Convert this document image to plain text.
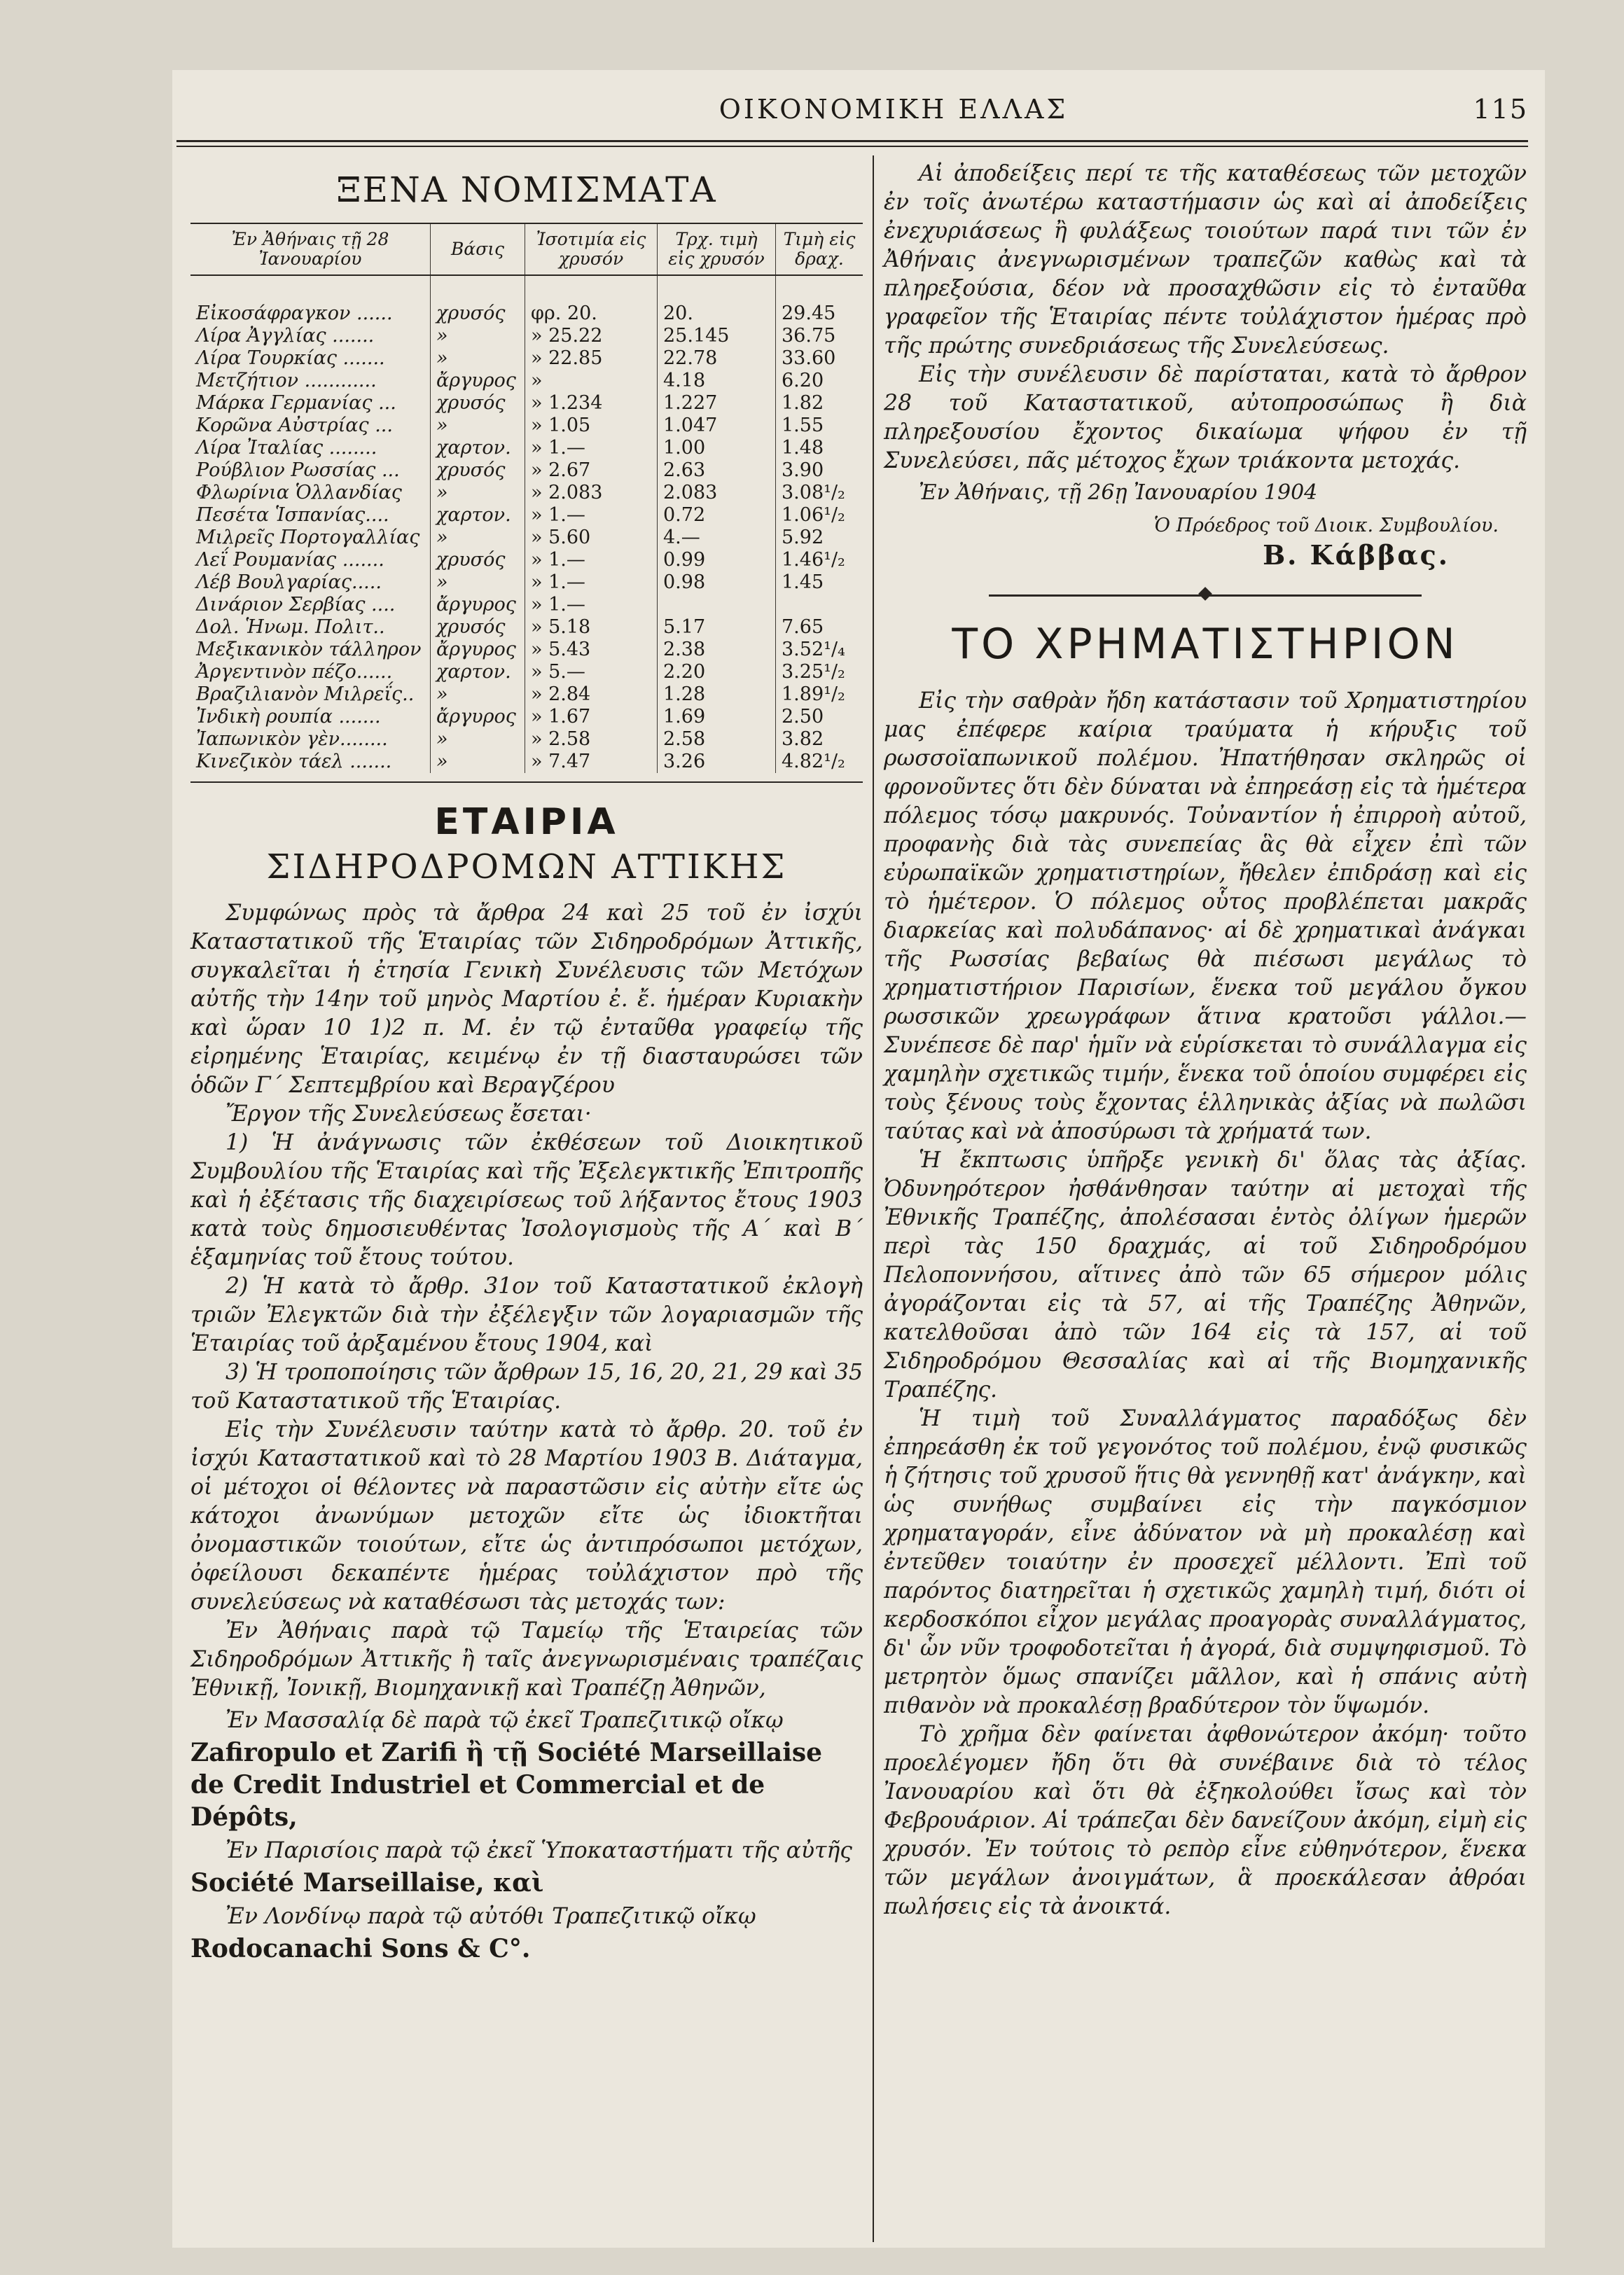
ΟΙΚΟΝΟΜΙΚΗ ΕΛΛΑΣ	115
ΞΕΝΑ ΝΟΜΙΣΜΑΤΑ
Ἐν Ἀθήναις τῇ 28 Ἰανουαρίου	Βάσις	Ἰσοτιμία εἰς χρυσόν	Τρχ. τιμὴ εἰς χρυσόν	Τιμὴ εἰς δραχ.
Εἰκοσάφραγκον ......	χρυσός	φρ. 20.	20.	29.45
Λίρα Ἀγγλίας .......	»	» 25.22	25.145	36.75
Λίρα Τουρκίας .......	»	» 22.85	22.78	33.60
Μετζήτιον ............	ἄργυρος	»	4.18	6.20
Μάρκα Γερμανίας ...	χρυσός	» 1.234	1.227	1.82
Κορῶνα Αὐστρίας ...	»	» 1.05	1.047	1.55
Λίρα Ἰταλίας ........	χαρτον.	» 1.—	1.00	1.48
Ρούβλιον Ρωσσίας ...	χρυσός	» 2.67	2.63	3.90
Φλωρίνια Ὁλλανδίας	»	» 2.083	2.083	3.08¹/₂
Πεσέτα Ἱσπανίας....	χαρτον.	» 1.—	0.72	1.06¹/₂
Μιλρεῖς Πορτογαλλίας	»	» 5.60	4.—	5.92
Λεΐ Ρουμανίας .......	χρυσός	» 1.—	0.99	1.46¹/₂
Λέβ Βουλγαρίας.....	»	» 1.—	0.98	1.45
Δινάριον Σερβίας ....	ἄργυρος	» 1.—		
Δολ. Ἡνωμ. Πολιτ..	χρυσός	» 5.18	5.17	7.65
Μεξικανικὸν τάλληρον	ἄργυρος	» 5.43	2.38	3.52¹/₄
Ἀργεντινὸν πέζο......	χαρτον.	» 5.—	2.20	3.25¹/₂
Βραζιλιανὸν Μιλρεΐς..	»	» 2.84	1.28	1.89¹/₂
Ἰνδικὴ ρουπία .......	ἄργυρος	» 1.67	1.69	2.50
Ἰαπωνικὸν γὲν........	»	» 2.58	2.58	3.82
Κινεζικὸν τάελ .......	»	» 7.47	3.26	4.82¹/₂
ΕΤΑΙΡΙΑ
ΣΙΔΗΡΟΔΡΟΜΩΝ ΑΤΤΙΚΗΣ

Συμφώνως πρὸς τὰ ἄρθρα 24 καὶ 25 τοῦ ἐν ἰσχύι Καταστατικοῦ τῆς Ἑταιρίας τῶν Σιδηροδρόμων Ἀττικῆς, συγκαλεῖται ἡ ἐτησία Γενικὴ Συνέλευσις τῶν Μετόχων αὐτῆς τὴν 14ην τοῦ μηνὸς Μαρτίου ἐ. ἔ. ἡμέραν Κυριακὴν καὶ ὥραν 10 1)2 π. Μ. ἐν τῷ ἐνταῦθα γραφείῳ τῆς εἰρημένης Ἑταιρίας, κειμένῳ ἐν τῇ διασταυρώσει τῶν ὁδῶν Γ΄ Σεπτεμβρίου καὶ Βεραγζέρου

Ἔργον τῆς Συνελεύσεως ἔσεται·

1) Ἡ ἀνάγνωσις τῶν ἐκθέσεων τοῦ Διοικητικοῦ Συμβουλίου τῆς Ἑταιρίας καὶ τῆς Ἐξελεγκτικῆς Ἐπιτροπῆς καὶ ἡ ἐξέτασις τῆς διαχειρίσεως τοῦ λήξαντος ἔτους 1903 κατὰ τοὺς δημοσιευθέντας Ἰσολογισμοὺς τῆς Α΄ καὶ Β΄ ἑξαμηνίας τοῦ ἔτους τούτου.

2) Ἡ κατὰ τὸ ἄρθρ. 31ον τοῦ Καταστατικοῦ ἐκλογὴ τριῶν Ἐλεγκτῶν διὰ τὴν ἐξέλεγξιν τῶν λογαριασμῶν τῆς Ἑταιρίας τοῦ ἀρξαμένου ἔτους 1904, καὶ

3) Ἡ τροποποίησις τῶν ἄρθρων 15, 16, 20, 21, 29 καὶ 35 τοῦ Καταστατικοῦ τῆς Ἑταιρίας.

Εἰς τὴν Συνέλευσιν ταύτην κατὰ τὸ ἄρθρ. 20. τοῦ ἐν ἰσχύι Καταστατικοῦ καὶ τὸ 28 Μαρτίου 1903 Β. Διάταγμα, οἱ μέτοχοι οἱ θέλοντες νὰ παραστῶσιν εἰς αὐτὴν εἴτε ὡς κάτοχοι ἀνωνύμων μετοχῶν εἴτε ὡς ἰδιοκτῆται ὀνομαστικῶν τοιούτων, εἴτε ὡς ἀντιπρόσωποι μετόχων, ὀφείλουσι δεκαπέντε ἡμέρας τοὐλάχιστον πρὸ τῆς συνελεύσεως νὰ καταθέσωσι τὰς μετοχάς των:

Ἐν Ἀθήναις παρὰ τῷ Ταμείῳ τῆς Ἑταιρείας τῶν Σιδηροδρόμων Ἀττικῆς ἢ ταῖς ἀνεγνωρισμέναις τραπέζαις Ἐθνικῇ, Ἰονικῇ, Βιομηχανικῇ καὶ Τραπέζῃ Ἀθηνῶν,

Ἐν Μασσαλίᾳ δὲ παρὰ τῷ ἐκεῖ Τραπεζιτικῷ οἴκῳ Zafiropulo et Zarifi ἢ τῇ Société Marseillaise de Credit Industriel et Commercial et de Dépôts,

Ἐν Παρισίοις παρὰ τῷ ἐκεῖ Ὑποκαταστήματι τῆς αὐτῆς Société Marseillaise, καὶ

Ἐν Λονδίνῳ παρὰ τῷ αὐτόθι Τραπεζιτικῷ οἴκῳ Rodocanachi Sons & C°.

Αἱ ἀποδείξεις περί τε τῆς καταθέσεως τῶν μετοχῶν ἐν τοῖς ἀνωτέρω καταστήμασιν ὡς καὶ αἱ ἀποδείξεις ἐνεχυριάσεως ἢ φυλάξεως τοιούτων παρά τινι τῶν ἐν Ἀθήναις ἀνεγνωρισμένων τραπεζῶν καθὼς καὶ τὰ πληρεξούσια, δέον νὰ προσαχθῶσιν εἰς τὸ ἐνταῦθα γραφεῖον τῆς Ἑταιρίας πέντε τοὐλάχιστον ἡμέρας πρὸ τῆς πρώτης συνεδριάσεως τῆς Συνελεύσεως.

Εἰς τὴν συνέλευσιν δὲ παρίσταται, κατὰ τὸ ἄρθρον 28 τοῦ Καταστατικοῦ, αὐτοπροσώπως ἢ διὰ πληρεξουσίου ἔχοντος δικαίωμα ψήφου ἐν τῇ Συνελεύσει, πᾶς μέτοχος ἔχων τριάκοντα μετοχάς.

Ἐν Ἀθήναις, τῇ 26ῃ Ἰανουαρίου 1904
Ὁ Πρόεδρος τοῦ Διοικ. Συμβουλίου.
Β. Κάββας.
ΤΟ ΧΡΗΜΑΤΙΣΤΗΡΙΟΝ

Εἰς τὴν σαθρὰν ἤδη κατάστασιν τοῦ Χρηματιστηρίου μας ἐπέφερε καίρια τραύματα ἡ κήρυξις τοῦ ρωσσοϊαπωνικοῦ πολέμου. Ἠπατήθησαν σκληρῶς οἱ φρονοῦντες ὅτι δὲν δύναται νὰ ἐπηρεάσῃ εἰς τὰ ἡμέτερα πόλεμος τόσῳ μακρυνός. Τοὐναντίον ἡ ἐπιρροὴ αὐτοῦ, προφανὴς διὰ τὰς συνεπείας ἃς θὰ εἶχεν ἐπὶ τῶν εὐρωπαϊκῶν χρηματιστηρίων, ἤθελεν ἐπιδράσῃ καὶ εἰς τὸ ἡμέτερον. Ὁ πόλεμος οὗτος προβλέπεται μακρᾶς διαρκείας καὶ πολυδάπανος· αἱ δὲ χρηματικαὶ ἀνάγκαι τῆς Ρωσσίας βεβαίως θὰ πιέσωσι μεγάλως τὸ χρηματιστήριον Παρισίων, ἕνεκα τοῦ μεγάλου ὄγκου ρωσσικῶν χρεωγράφων ἅτινα κρατοῦσι γάλλοι.— Συνέπεσε δὲ παρ' ἡμῖν νὰ εὑρίσκεται τὸ συνάλλαγμα εἰς χαμηλὴν σχετικῶς τιμήν, ἕνεκα τοῦ ὁποίου συμφέρει εἰς τοὺς ξένους τοὺς ἔχοντας ἑλληνικὰς ἀξίας νὰ πωλῶσι ταύτας καὶ νὰ ἀποσύρωσι τὰ χρήματά των.

Ἡ ἔκπτωσις ὑπῆρξε γενικὴ δι' ὅλας τὰς ἀξίας. Ὀδυνηρότερον ἠσθάνθησαν ταύτην αἱ μετοχαὶ τῆς Ἐθνικῆς Τραπέζης, ἀπολέσασαι ἐντὸς ὀλίγων ἡμερῶν περὶ τὰς 150 δραχμάς, αἱ τοῦ Σιδηροδρόμου Πελοποννήσου, αἵτινες ἀπὸ τῶν 65 σήμερον μόλις ἀγοράζονται εἰς τὰ 57, αἱ τῆς Τραπέζης Ἀθηνῶν, κατελθοῦσαι ἀπὸ τῶν 164 εἰς τὰ 157, αἱ τοῦ Σιδηροδρόμου Θεσσαλίας καὶ αἱ τῆς Βιομηχανικῆς Τραπέζης.

Ἡ τιμὴ τοῦ Συναλλάγματος παραδόξως δὲν ἐπηρεάσθη ἐκ τοῦ γεγονότος τοῦ πολέμου, ἐνῷ φυσικῶς ἡ ζήτησις τοῦ χρυσοῦ ἥτις θὰ γεννηθῇ κατ' ἀνάγκην, καὶ ὡς συνήθως συμβαίνει εἰς τὴν παγκόσμιον χρηματαγοράν, εἶνε ἀδύνατον νὰ μὴ προκαλέσῃ καὶ ἐντεῦθεν τοιαύτην ἐν προσεχεῖ μέλλοντι. Ἐπὶ τοῦ παρόντος διατηρεῖται ἡ σχετικῶς χαμηλὴ τιμή, διότι οἱ κερδοσκόποι εἶχον μεγάλας προαγορὰς συναλλάγματος, δι' ὧν νῦν τροφοδοτεῖται ἡ ἀγορά, διὰ συμψηφισμοῦ. Τὸ μετρητὸν ὅμως σπανίζει μᾶλλον, καὶ ἡ σπάνις αὐτὴ πιθανὸν νὰ προκαλέσῃ βραδύτερον τὸν ὕψωμόν.

Τὸ χρῆμα δὲν φαίνεται ἀφθονώτερον ἀκόμη· τοῦτο προελέγομεν ἤδη ὅτι θὰ συνέβαινε διὰ τὸ τέλος Ἰανουαρίου καὶ ὅτι θὰ ἐξηκολούθει ἴσως καὶ τὸν Φεβρουάριον. Αἱ τράπεζαι δὲν δανείζουν ἀκόμη, εἰμὴ εἰς χρυσόν. Ἐν τούτοις τὸ ρεπὸρ εἶνε εὐθηνότερον, ἕνεκα τῶν μεγάλων ἀνοιγμάτων, ἃ προεκάλεσαν ἀθρόαι πωλήσεις εἰς τὰ ἀνοικτά.
